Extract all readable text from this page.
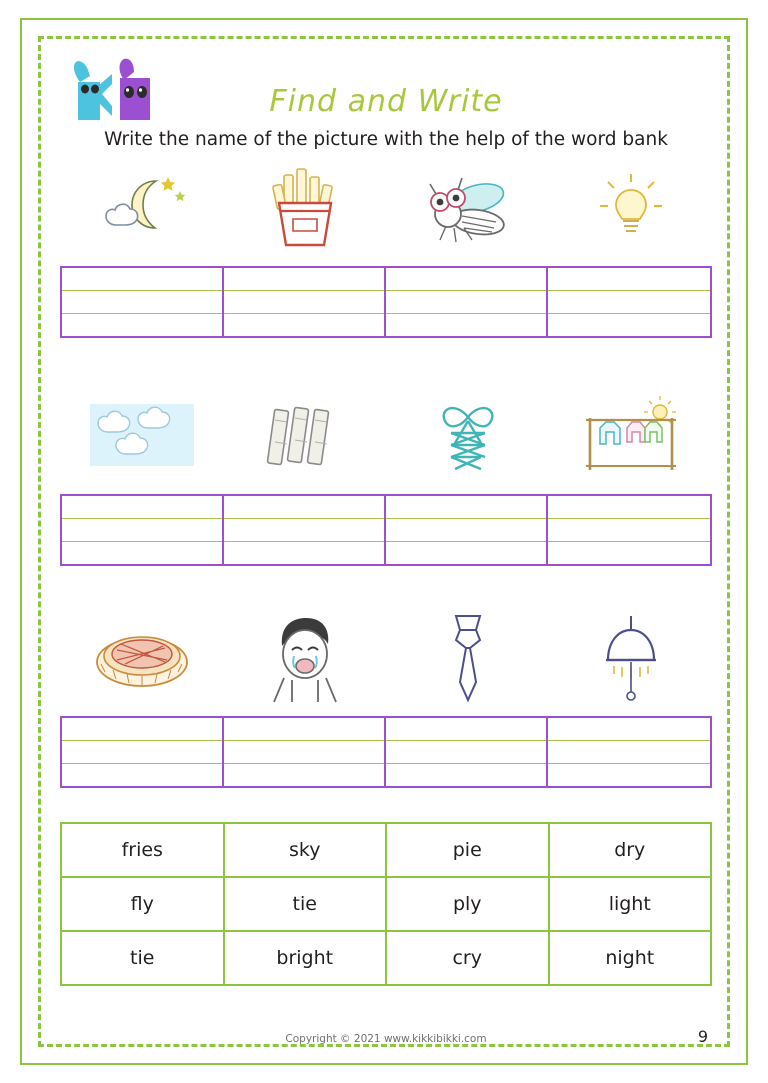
Find and Write
Write the name of the picture with the help of the word bank
fries	sky	pie	dry
fly	tie	ply	light
tie	bright	cry	night
Copyright © 2021 www.kikkibikki.com	9
